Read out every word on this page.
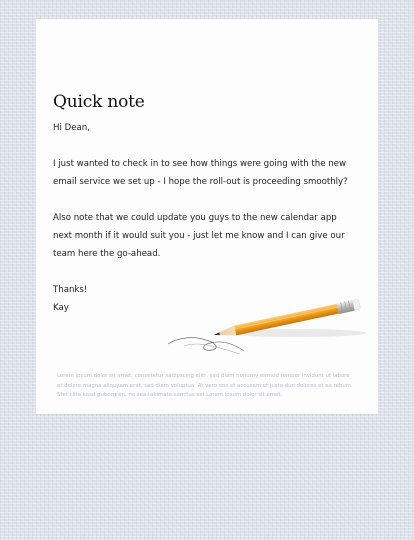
Quick note

Hi Dean,

I just wanted to check in to see how things were going with the new email service we set up - I hope the roll-out is proceeding smoothly?

Also note that we could update you guys to the new calendar app next month if it would suit you - just let me know and I can give our team here the go-ahead.

Thanks!

Kay

Lorem ipsum dolor sit amet, consetetur sadipscing elitr, sed diam nonumy eirmod tempor invidunt ut labore et dolore magna aliquyam erat, sed diam voluptua. At vero eos et accusam et justo duo dolores et ea rebum. Stet clita kasd gubergren, no sea takimata sanctus est Lorem ipsum dolor sit amet.
